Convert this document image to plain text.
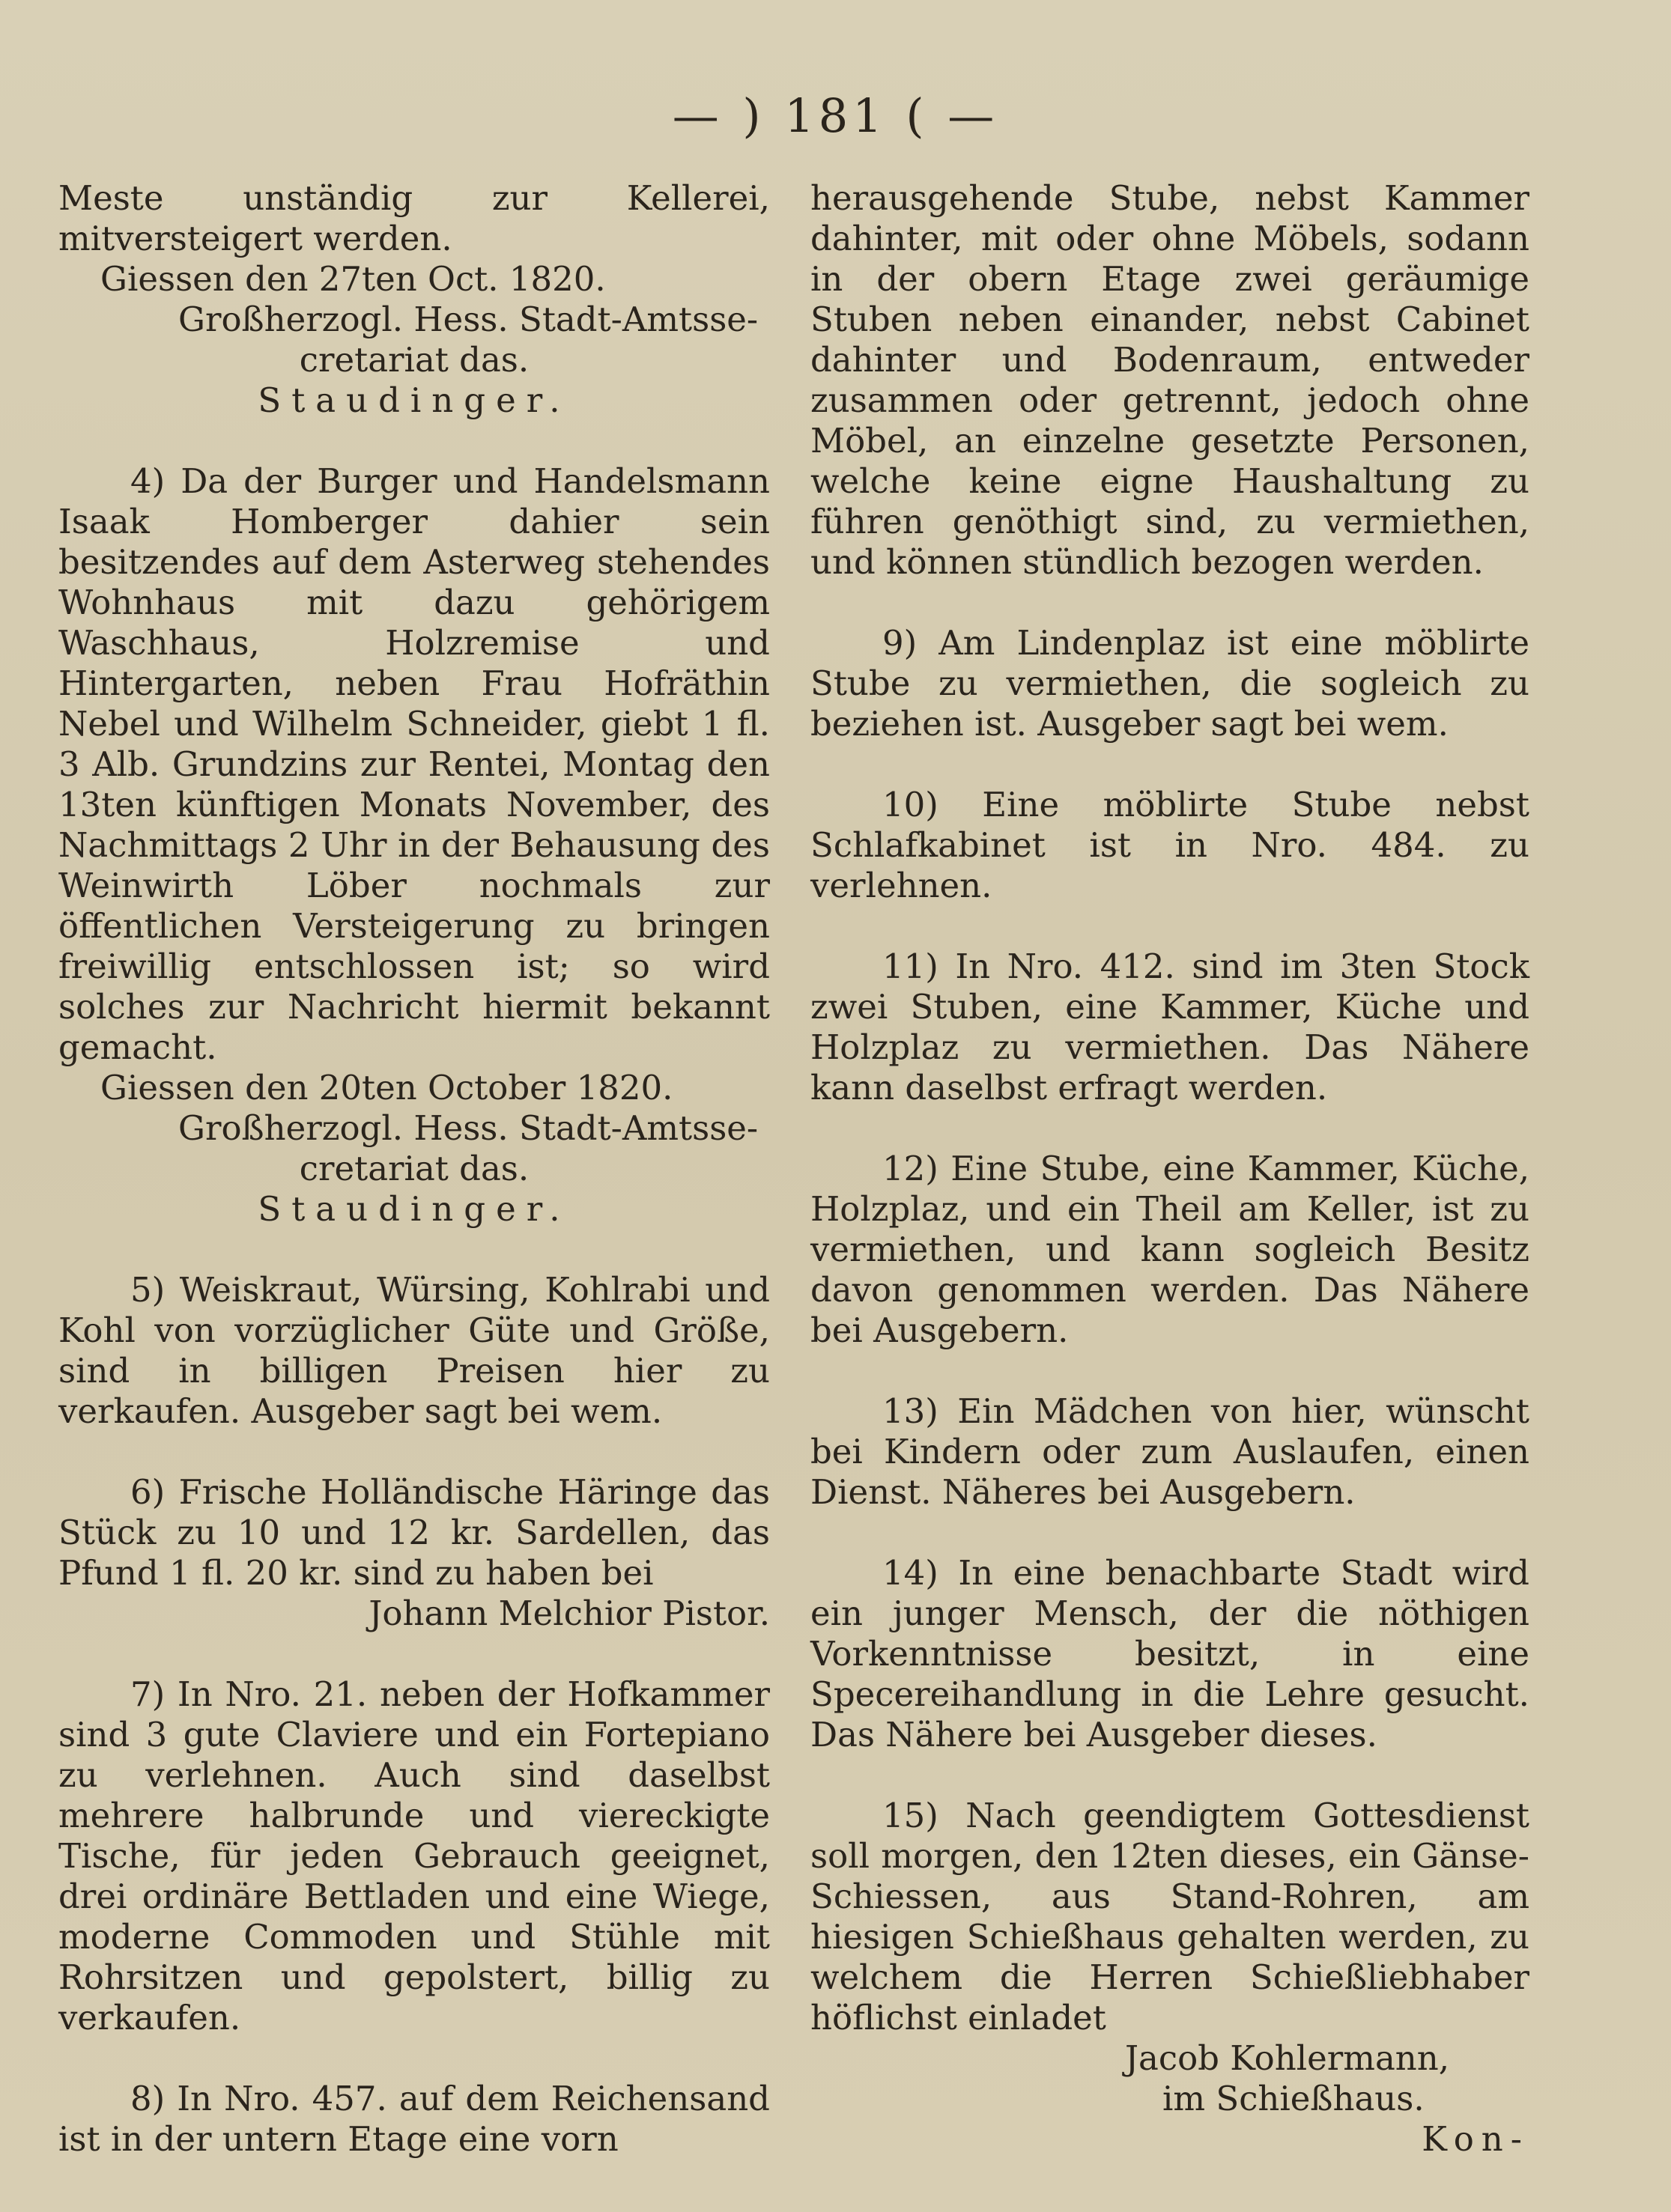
— ) 181 ( —

Meste unständig zur Kellerei, mitversteigert werden.

Giessen den 27ten Oct. 1820.

Großherzogl. Hess. Stadt-Amtsse-

cretariat das.

Staudinger.

4) Da der Burger und Handelsmann Isaak Homberger dahier sein besitzendes auf dem Asterweg stehendes Wohnhaus mit dazu gehörigem Waschhaus, Holzremise und Hintergarten, neben Frau Hofräthin Nebel und Wilhelm Schneider, giebt 1 fl. 3 Alb. Grundzins zur Rentei, Montag den 13ten künftigen Monats November, des Nachmittags 2 Uhr in der Behausung des Weinwirth Löber nochmals zur öffentlichen Versteigerung zu bringen freiwillig entschlossen ist; so wird solches zur Nachricht hiermit bekannt gemacht.

Giessen den 20ten October 1820.

Großherzogl. Hess. Stadt-Amtsse-

cretariat das.

Staudinger.

5) Weiskraut, Würsing, Kohlrabi und Kohl von vorzüglicher Güte und Größe, sind in billigen Preisen hier zu verkaufen. Ausgeber sagt bei wem.

6) Frische Holländische Häringe das Stück zu 10 und 12 kr. Sardellen, das Pfund 1 fl. 20 kr. sind zu haben bei

Johann Melchior Pistor.

7) In Nro. 21. neben der Hofkammer sind 3 gute Claviere und ein Fortepiano zu verlehnen. Auch sind daselbst mehrere halbrunde und viereckigte Tische, für jeden Gebrauch geeignet, drei ordinäre Bettladen und eine Wiege, moderne Commoden und Stühle mit Rohrsitzen und gepolstert, billig zu verkaufen.

8) In Nro. 457. auf dem Reichensand ist in der untern Etage eine vorn

herausgehende Stube, nebst Kammer dahinter, mit oder ohne Möbels, sodann in der obern Etage zwei geräumige Stuben neben einander, nebst Cabinet dahinter und Bodenraum, entweder zusammen oder getrennt, jedoch ohne Möbel, an einzelne gesetzte Personen, welche keine eigne Haushaltung zu führen genöthigt sind, zu vermiethen, und können stündlich bezogen werden.

9) Am Lindenplaz ist eine möblirte Stube zu vermiethen, die sogleich zu beziehen ist. Ausgeber sagt bei wem.

10) Eine möblirte Stube nebst Schlafkabinet ist in Nro. 484. zu verlehnen.

11) In Nro. 412. sind im 3ten Stock zwei Stuben, eine Kammer, Küche und Holzplaz zu vermiethen. Das Nähere kann daselbst erfragt werden.

12) Eine Stube, eine Kammer, Küche, Holzplaz, und ein Theil am Keller, ist zu vermiethen, und kann sogleich Besitz davon genommen werden. Das Nähere bei Ausgebern.

13) Ein Mädchen von hier, wünscht bei Kindern oder zum Auslaufen, einen Dienst. Näheres bei Ausgebern.

14) In eine benachbarte Stadt wird ein junger Mensch, der die nöthigen Vorkenntnisse besitzt, in eine Specereihandlung in die Lehre gesucht. Das Nähere bei Ausgeber dieses.

15) Nach geendigtem Gottesdienst soll morgen, den 12ten dieses, ein Gänse-Schiessen, aus Stand-Rohren, am hiesigen Schießhaus gehalten werden, zu welchem die Herren Schießliebhaber höflichst einladet

Jacob Kohlermann,

im Schießhaus.

Kon-
